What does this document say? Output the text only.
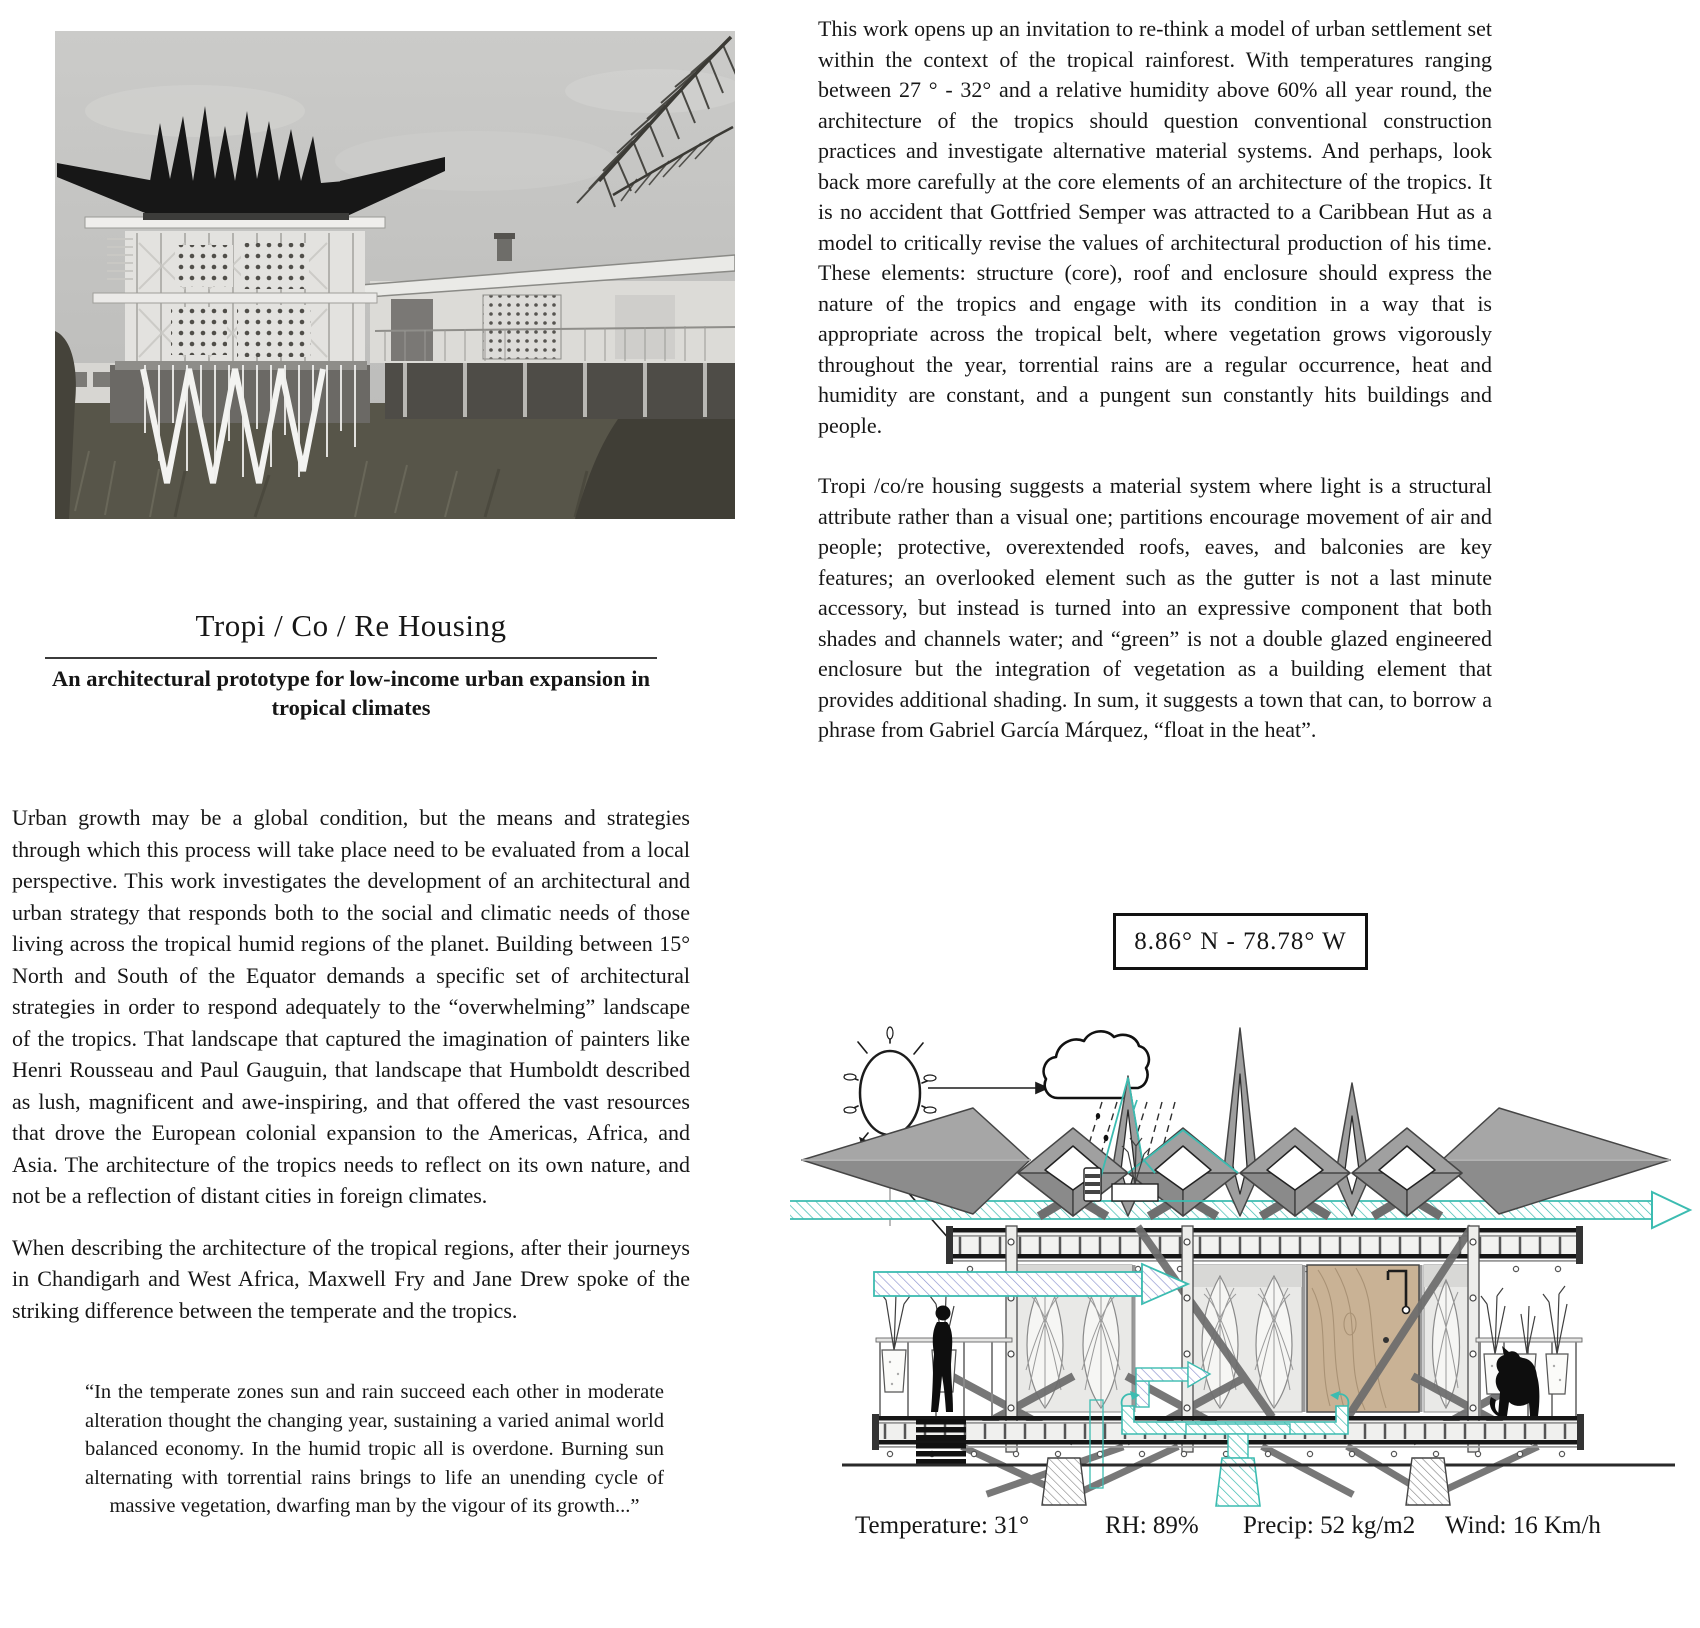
Tropi / Co / Re Housing
An architectural prototype for low-income urban expansion in tropical climates

Urban growth may be a global condition, but the means and strategies through which this process will take place need to be evaluated from a local perspective. This work investigates the development of an architectural and urban strategy that responds both to the social and climatic needs of those living across the tropical humid regions of the planet. Building between 15° North and South of the Equator demands a specific set of architectural strategies in order to respond adequately to the “overwhelming” landscape of the tropics. That landscape that captured the imagination of painters like Henri Rousseau and Paul Gauguin, that landscape that Humboldt described as lush, magnificent and awe-inspiring, and that offered the vast resources that drove the European colonial expansion to the Americas, Africa, and Asia. The architecture of the tropics needs to reflect on its own nature, and not be a reflection of distant cities in foreign climates.

When describing the architecture of the tropical regions, after their journeys in Chandigarh and West Africa, Maxwell Fry and Jane Drew spoke of the striking difference between the temperate and the tropics.

“In the temperate zones sun and rain succeed each other in moderate alteration thought the changing year, sustaining a varied animal world balanced economy. In the humid tropic all is overdone. Burning sun alternating with torrential rains brings to life an unending cycle of massive vegetation, dwarfing man by the vigour of its growth...”

This work opens up an invitation to re-think a model of urban settlement set within the context of the tropical rainforest. With temperatures ranging between 27 ° - 32° and a relative humidity above 60% all year round, the architecture of the tropics should question conventional construction practices and investigate alternative material systems. And perhaps, look back more carefully at the core elements of an architecture of the tropics. It is no accident that Gottfried Semper was attracted to a Caribbean Hut as a model to critically revise the values of architectural production of his time. These elements: structure (core), roof and enclosure should express the nature of the tropics and engage with its condition in a way that is appropriate across the tropical belt, where vegetation grows vigorously throughout the year, torrential rains are a regular occurrence, heat and humidity are constant, and a pungent sun constantly hits buildings and people.

Tropi /co/re housing suggests a material system where light is a structural attribute rather than a visual one; partitions encourage movement of air and people; protective, overextended roofs, eaves, and balconies are key features; an overlooked element such as the gutter is not a last minute accessory, but instead is turned into an expressive component that both shades and channels water; and “green” is not a double glazed engineered enclosure but the integration of vegetation as a building element that provides additional shading. In sum, it suggests a town that can, to borrow a phrase from Gabriel García Márquez, “float in the heat”.

8.86° N - 78.78° W
Temperature: 31°	RH: 89% Precip: 52 kg/m2 Wind: 16 Km/h
